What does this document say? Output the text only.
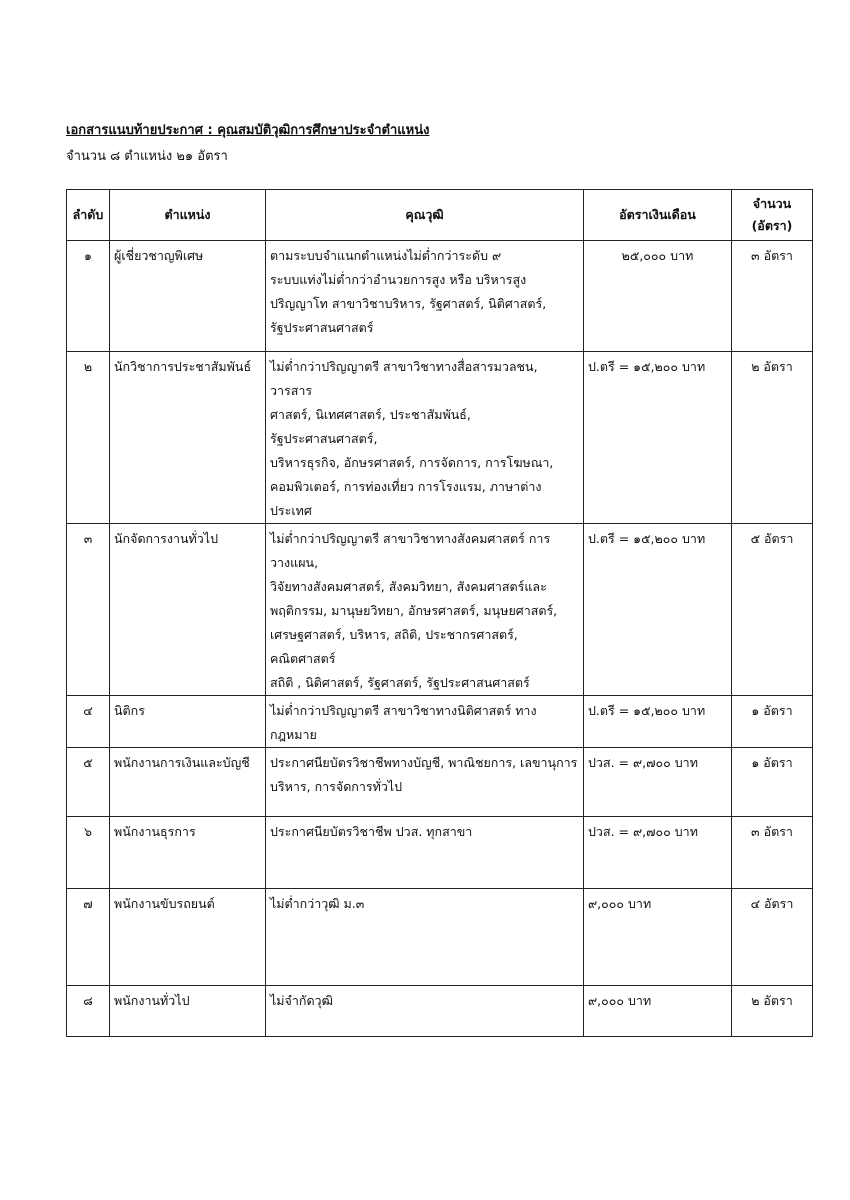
เอกสารแนบท้ายประกาศ : คุณสมบัติวุฒิการศึกษาประจำตำแหน่ง
จำนวน ๘ ตำแหน่ง ๒๑ อัตรา
ลำดับ	ตำแหน่ง	คุณวุฒิ	อัตราเงินเดือน	จำนวน
(อัตรา)
๑	ผู้เชี่ยวชาญพิเศษ	ตามระบบจำแนกตำแหน่งไม่ต่ำกว่าระดับ ๙
ระบบแท่งไม่ต่ำกว่าอำนวยการสูง หรือ บริหารสูง
ปริญญาโท สาขาวิชาบริหาร, รัฐศาสตร์, นิติศาสตร์,
รัฐประศาสนศาสตร์	๒๕,๐๐๐ บาท	๓ อัตรา
๒	นักวิชาการประชาสัมพันธ์	ไม่ต่ำกว่าปริญญาตรี สาขาวิชาทางสื่อสารมวลชน, วารสาร
ศาสตร์, นิเทศศาสตร์, ประชาสัมพันธ์, รัฐประศาสนศาสตร์,
บริหารธุรกิจ, อักษรศาสตร์, การจัดการ, การโฆษณา,
คอมพิวเตอร์, การท่องเที่ยว การโรงแรม, ภาษาต่างประเทศ	ป.ตรี = ๑๕,๒๐๐ บาท	๒ อัตรา
๓	นักจัดการงานทั่วไป	ไม่ต่ำกว่าปริญญาตรี สาขาวิชาทางสังคมศาสตร์ การวางแผน,
วิจัยทางสังคมศาสตร์, สังคมวิทยา, สังคมศาสตร์และ
พฤติกรรม, มานุษยวิทยา, อักษรศาสตร์, มนุษยศาสตร์,
เศรษฐศาสตร์, บริหาร, สถิติ, ประชากรศาสตร์, คณิตศาสตร์
สถิติ , นิติศาสตร์, รัฐศาสตร์, รัฐประศาสนศาสตร์	ป.ตรี = ๑๕,๒๐๐ บาท	๕ อัตรา
๔	นิติกร	ไม่ต่ำกว่าปริญญาตรี สาขาวิชาทางนิติศาสตร์ ทางกฎหมาย	ป.ตรี = ๑๕,๒๐๐ บาท	๑ อัตรา
๕	พนักงานการเงินและบัญชี	ประกาศนียบัตรวิชาชีพทางบัญชี, พาณิชยการ, เลขานุการ
บริหาร, การจัดการทั่วไป	ปวส. = ๙,๗๐๐ บาท	๑ อัตรา
๖	พนักงานธุรการ	ประกาศนียบัตรวิชาชีพ ปวส. ทุกสาขา	ปวส. = ๙,๗๐๐ บาท	๓ อัตรา
๗	พนักงานขับรถยนต์	ไม่ต่ำกว่าวุฒิ ม.๓	๙,๐๐๐ บาท	๔ อัตรา
๘	พนักงานทั่วไป	ไม่จำกัดวุฒิ	๙,๐๐๐ บาท	๒ อัตรา
